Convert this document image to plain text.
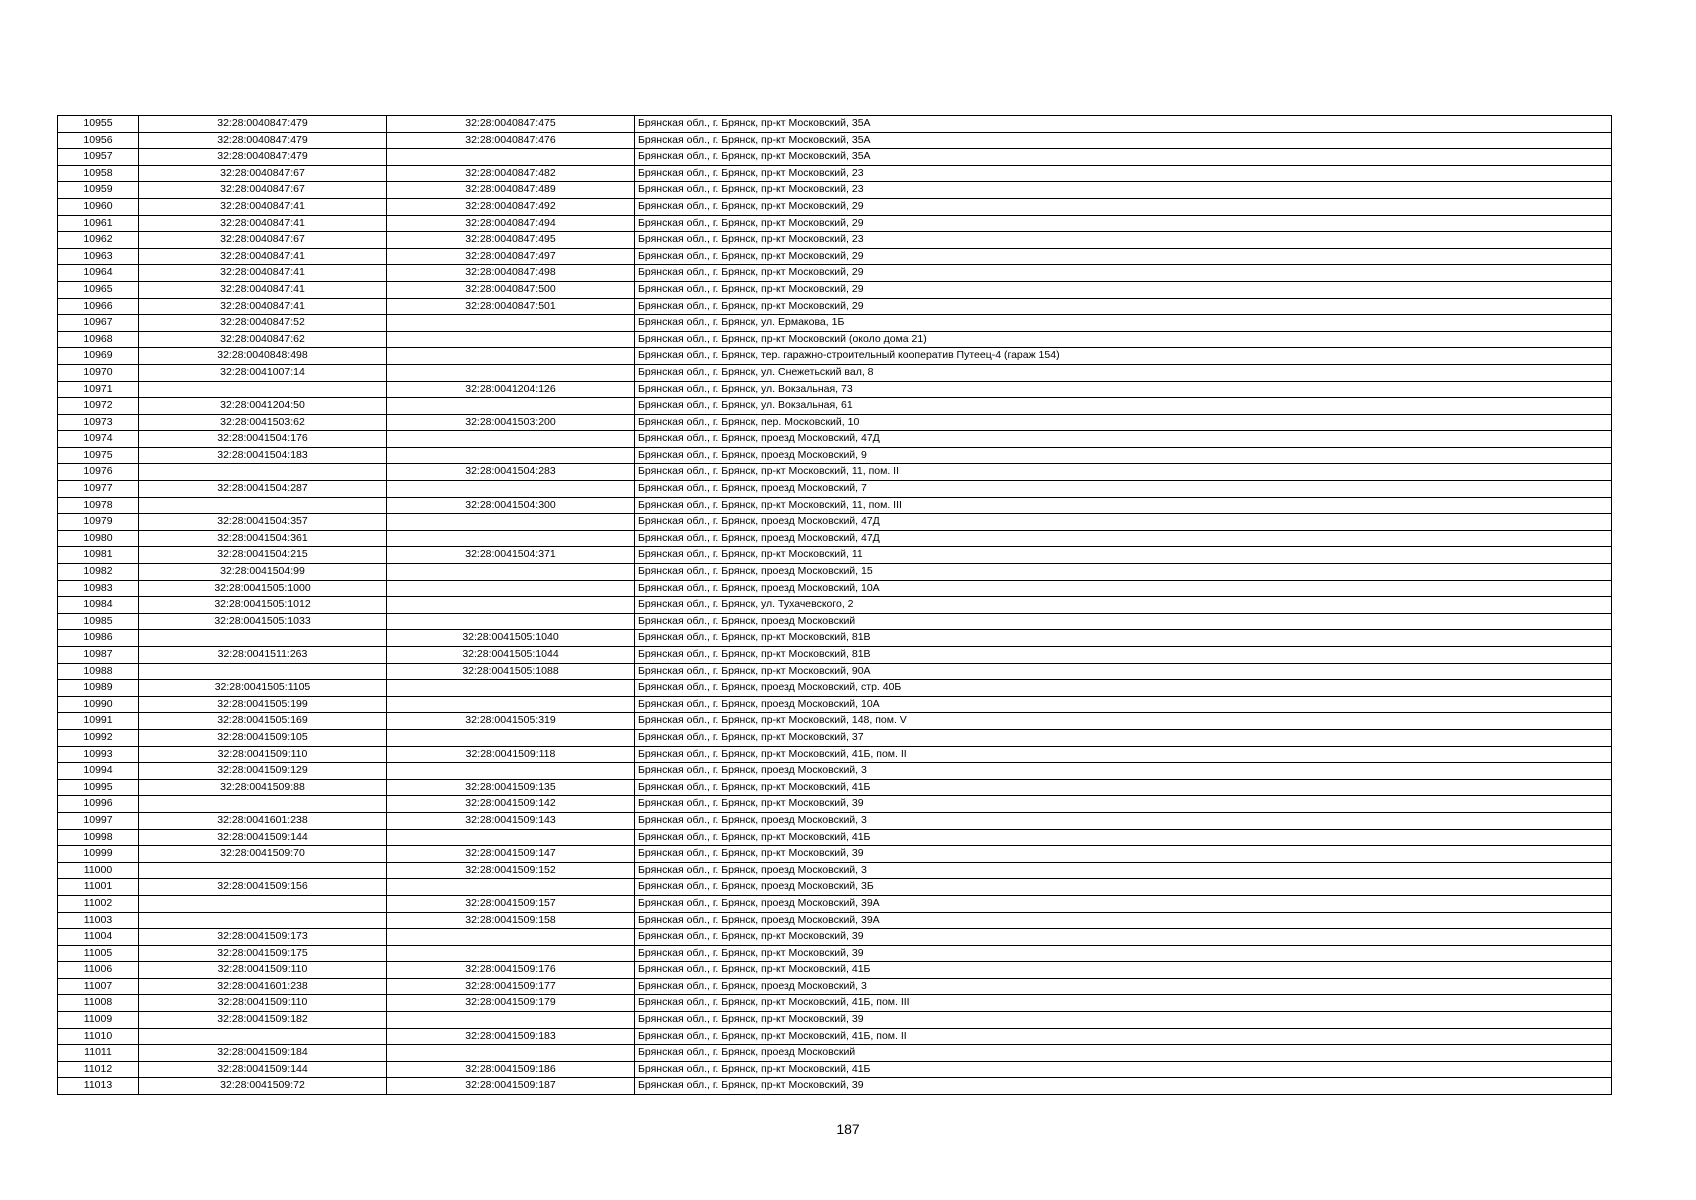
10955	32:28:0040847:479	32:28:0040847:475	Брянская обл., г. Брянск, пр-кт Московский, 35А
10956	32:28:0040847:479	32:28:0040847:476	Брянская обл., г. Брянск, пр-кт Московский, 35А
10957	32:28:0040847:479		Брянская обл., г. Брянск, пр-кт Московский, 35А
10958	32:28:0040847:67	32:28:0040847:482	Брянская обл., г. Брянск, пр-кт Московский, 23
10959	32:28:0040847:67	32:28:0040847:489	Брянская обл., г. Брянск, пр-кт Московский, 23
10960	32:28:0040847:41	32:28:0040847:492	Брянская обл., г. Брянск, пр-кт Московский, 29
10961	32:28:0040847:41	32:28:0040847:494	Брянская обл., г. Брянск, пр-кт Московский, 29
10962	32:28:0040847:67	32:28:0040847:495	Брянская обл., г. Брянск, пр-кт Московский, 23
10963	32:28:0040847:41	32:28:0040847:497	Брянская обл., г. Брянск, пр-кт Московский, 29
10964	32:28:0040847:41	32:28:0040847:498	Брянская обл., г. Брянск, пр-кт Московский, 29
10965	32:28:0040847:41	32:28:0040847:500	Брянская обл., г. Брянск, пр-кт Московский, 29
10966	32:28:0040847:41	32:28:0040847:501	Брянская обл., г. Брянск, пр-кт Московский, 29
10967	32:28:0040847:52		Брянская обл., г. Брянск, ул. Ермакова, 1Б
10968	32:28:0040847:62		Брянская обл., г. Брянск, пр-кт Московский (около дома 21)
10969	32:28:0040848:498		Брянская обл., г. Брянск, тер. гаражно-строительный кооператив Путеец-4 (гараж 154)
10970	32:28:0041007:14		Брянская обл., г. Брянск, ул. Снежетьский вал, 8
10971		32:28:0041204:126	Брянская обл., г. Брянск, ул. Вокзальная, 73
10972	32:28:0041204:50		Брянская обл., г. Брянск, ул. Вокзальная, 61
10973	32:28:0041503:62	32:28:0041503:200	Брянская обл., г. Брянск, пер. Московский, 10
10974	32:28:0041504:176		Брянская обл., г. Брянск, проезд Московский, 47Д
10975	32:28:0041504:183		Брянская обл., г. Брянск, проезд Московский, 9
10976		32:28:0041504:283	Брянская обл., г. Брянск, пр-кт Московский, 11, пом. II
10977	32:28:0041504:287		Брянская обл., г. Брянск, проезд Московский, 7
10978		32:28:0041504:300	Брянская обл., г. Брянск, пр-кт Московский, 11, пом. III
10979	32:28:0041504:357		Брянская обл., г. Брянск, проезд Московский, 47Д
10980	32:28:0041504:361		Брянская обл., г. Брянск, проезд Московский, 47Д
10981	32:28:0041504:215	32:28:0041504:371	Брянская обл., г. Брянск, пр-кт Московский, 11
10982	32:28:0041504:99		Брянская обл., г. Брянск, проезд Московский, 15
10983	32:28:0041505:1000		Брянская обл., г. Брянск, проезд Московский, 10А
10984	32:28:0041505:1012		Брянская обл., г. Брянск, ул. Тухачевского, 2
10985	32:28:0041505:1033		Брянская обл., г. Брянск, проезд Московский
10986		32:28:0041505:1040	Брянская обл., г. Брянск, пр-кт Московский, 81В
10987	32:28:0041511:263	32:28:0041505:1044	Брянская обл., г. Брянск, пр-кт Московский, 81В
10988		32:28:0041505:1088	Брянская обл., г. Брянск, пр-кт Московский, 90А
10989	32:28:0041505:1105		Брянская обл., г. Брянск, проезд Московский, стр. 40Б
10990	32:28:0041505:199		Брянская обл., г. Брянск, проезд Московский, 10А
10991	32:28:0041505:169	32:28:0041505:319	Брянская обл., г. Брянск, пр-кт Московский, 148, пом. V
10992	32:28:0041509:105		Брянская обл., г. Брянск, пр-кт Московский, 37
10993	32:28:0041509:110	32:28:0041509:118	Брянская обл., г. Брянск, пр-кт Московский, 41Б, пом. II
10994	32:28:0041509:129		Брянская обл., г. Брянск, проезд Московский, 3
10995	32:28:0041509:88	32:28:0041509:135	Брянская обл., г. Брянск, пр-кт Московский, 41Б
10996		32:28:0041509:142	Брянская обл., г. Брянск, пр-кт Московский, 39
10997	32:28:0041601:238	32:28:0041509:143	Брянская обл., г. Брянск, проезд Московский, 3
10998	32:28:0041509:144		Брянская обл., г. Брянск, пр-кт Московский, 41Б
10999	32:28:0041509:70	32:28:0041509:147	Брянская обл., г. Брянск, пр-кт Московский, 39
11000		32:28:0041509:152	Брянская обл., г. Брянск, проезд Московский, 3
11001	32:28:0041509:156		Брянская обл., г. Брянск, проезд Московский, 3Б
11002		32:28:0041509:157	Брянская обл., г. Брянск, проезд Московский, 39А
11003		32:28:0041509:158	Брянская обл., г. Брянск, проезд Московский, 39А
11004	32:28:0041509:173		Брянская обл., г. Брянск, пр-кт Московский, 39
11005	32:28:0041509:175		Брянская обл., г. Брянск, пр-кт Московский, 39
11006	32:28:0041509:110	32:28:0041509:176	Брянская обл., г. Брянск, пр-кт Московский, 41Б
11007	32:28:0041601:238	32:28:0041509:177	Брянская обл., г. Брянск, проезд Московский, 3
11008	32:28:0041509:110	32:28:0041509:179	Брянская обл., г. Брянск, пр-кт Московский, 41Б, пом. III
11009	32:28:0041509:182		Брянская обл., г. Брянск, пр-кт Московский, 39
11010		32:28:0041509:183	Брянская обл., г. Брянск, пр-кт Московский, 41Б, пом. II
11011	32:28:0041509:184		Брянская обл., г. Брянск, проезд Московский
11012	32:28:0041509:144	32:28:0041509:186	Брянская обл., г. Брянск, пр-кт Московский, 41Б
11013	32:28:0041509:72	32:28:0041509:187	Брянская обл., г. Брянск, пр-кт Московский, 39
187
